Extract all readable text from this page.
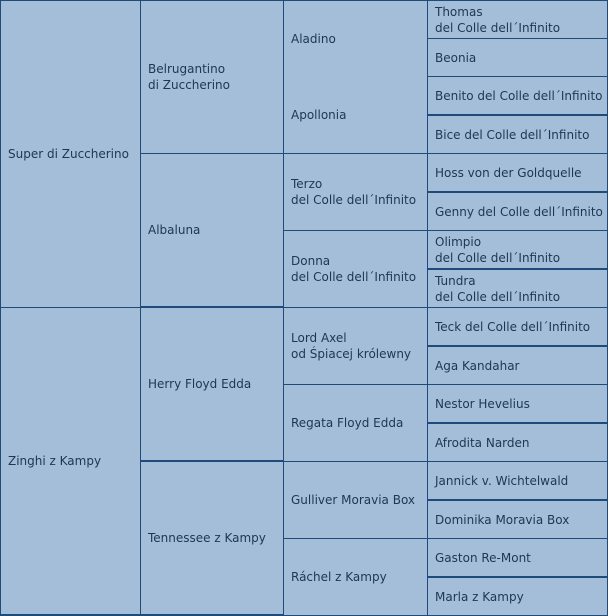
Super di Zuccherino
Zinghi z Kampy
Belrugantino
di Zuccherino
Albaluna
Herry Floyd Edda
Tennessee z Kampy
Aladino
Apollonia
Terzo
del Colle dell´Infinito
Donna
del Colle dell´Infinito
Lord Axel
od Śpiacej królewny
Regata Floyd Edda
Gulliver Moravia Box
Ráchel z Kampy
Thomas
del Colle dell´Infinito
Beonia
Benito del Colle dell´Infinito
Bice del Colle dell´Infinito
Hoss von der Goldquelle
Genny del Colle dell´Infinito
Olimpio
del Colle dell´Infinito
Tundra
del Colle dell´Infinito
Teck del Colle dell´Infinito
Aga Kandahar
Nestor Hevelius
Afrodita Narden
Jannick v. Wichtelwald
Dominika Moravia Box
Gaston Re-Mont
Marla z Kampy
